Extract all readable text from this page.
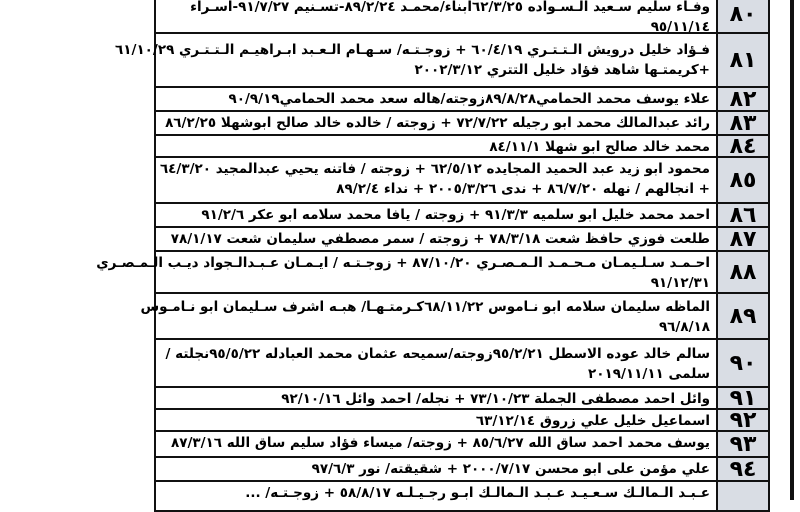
٨٠
وفـاء سليم سـعيد الـسـواده ٦٢/٣/٢٥ابناء/محمـد ٨٩/٢/٢٤-تسـنيم ٩١/٧/٢٧-اسـراء
٩٥/١١/١٤
٨١
فـؤاد خليل درويش الـتـتـري ٦٠/٤/١٩ + زوجـتـه/ سـهـام الـعـبد ابـراهيـم الـتـتـري ٦١/١٠/٢٩
+كريمتـها شاهد فؤاد خليل التتري ٢٠٠٢/٣/١٢
٨٢
علاء يوسف محمد الحمامي٨٩/٨/٢٨زوجته/هاله سعد محمد الحمامي٩٠/٩/١٩
٨٣
رائد عبدالمالك محمد ابو رجيله ٧٢/٧/٢٢ + زوجته / خالده خالد صالح ابوشهلا ٨٦/٢/٢٥
٨٤
محمد خالد صالح ابو شهلا ٨٤/١١/١
٨٥
محمود ابو زيد عبد الحميد المجايده ٦٢/٥/١٢ + زوجته / فاتنه يحيي عبدالمجيد ٦٤/٣/٢٠
+ انجالهم / نهله ٨٦/٧/٢٠ + ندى ٢٠٠٥/٣/٢٦ + نداء ٨٩/٢/٤
٨٦
احمد محمد خليل ابو سلميه ٩١/٣/٣ + زوجته / يافا محمد سلامه ابو عكر ٩١/٢/٦
٨٧
طلعت فوزي حافظ شعت ٧٨/٣/١٨ + زوجته / سمر مصطفي سليمان شعت ٧٨/١/١٧
٨٨
احـمـد سـلـيمـان مـحـمـد الـمـصـري ٨٧/١٠/٢٠ + زوجـتـه / ايـمـان عـبـدالـجواد ديـب الـمـصـري
٩١/١٢/٣١
٨٩
الماظه سليمان سلامه ابو نـاموس ٦٨/١١/٢٢كـرمتـهـا/ هبـه اشرف سـليمان ابو نـامـوس
٩٦/٨/١٨
٩٠
سالم خالد عوده الاسطل ٩٥/٢/٢١زوجته/سميحه عثمان محمد العبادله ٩٥/٥/٢٢نجلته /
سلمى ٢٠١٩/١١/١١
٩١
وائل احمد مصطفى الجملة ٧٣/١٠/٢٣ + نجله/ احمد وائل ٩٢/١٠/١٦
٩٢
اسماعيل خليل علي زروق ٦٣/١٢/١٤
٩٣
يوسف محمد احمد ساق الله ٨٥/٦/٢٧ + زوجته/ ميساء فؤاد سليم ساق الله ٨٧/٣/١٦
٩٤
علي مؤمن على ابو محسن ٢٠٠٠/٧/١٧ + شقيقته/ نور ٩٧/٦/٣
عـبـد الـمالـك سـعـيـد عـبـد الـمالـك ابـو رجـيـلـه ٥٨/٨/١٧ + زوجـتـه/ ...
